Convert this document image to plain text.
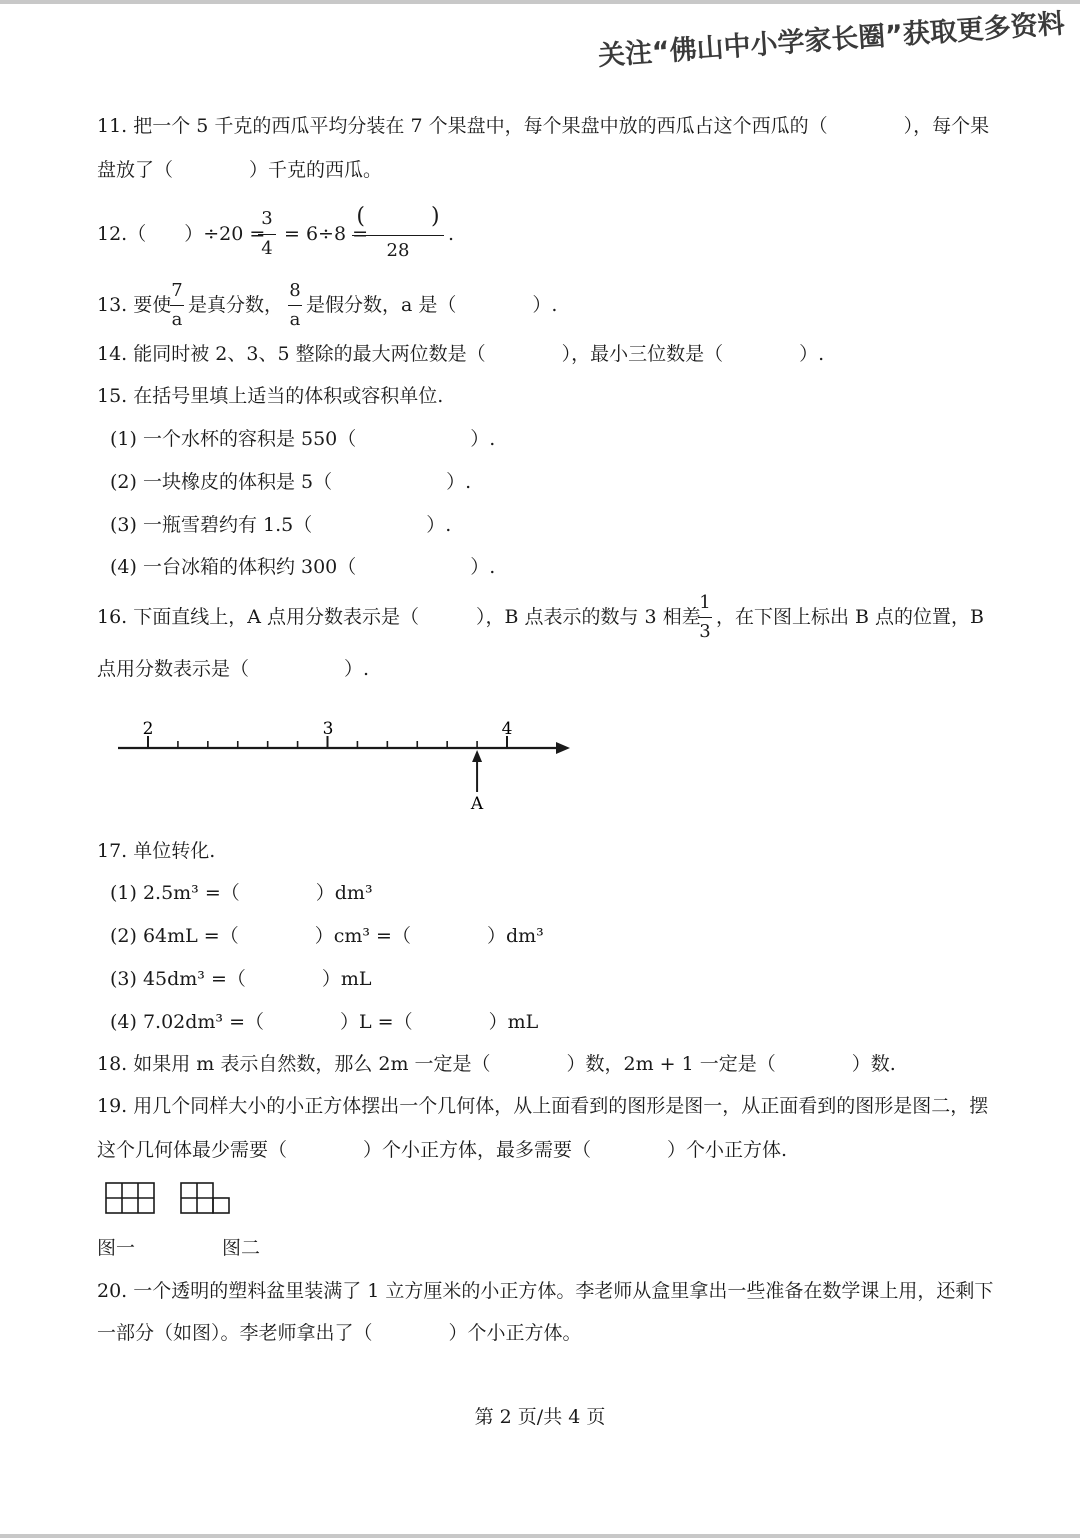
关注“佛山中小学家长圈”获取更多资料
11. 把一个 5 千克的西瓜平均分装在 7 个果盘中，每个果盘中放的西瓜占这个西瓜的（　　　　），每个果
盘放了（　　　　）千克的西瓜。
12.（　　）÷20 =
3
4
= 6÷8 =
(　　　)
28
.
13. 要使
7
a
是真分数，
8
a
是假分数，a 是（　　　　）.
14. 能同时被 2、3、5 整除的最大两位数是（　　　　），最小三位数是（　　　　）.
15. 在括号里填上适当的体积或容积单位.
(1) 一个水杯的容积是 550（　　　　　　）.
(2) 一块橡皮的体积是 5（　　　　　　）.
(3) 一瓶雪碧约有 1.5（　　　　　　）.
(4) 一台冰箱的体积约 300（　　　　　　）.
16. 下面直线上，A 点用分数表示是（　　　），B 点表示的数与 3 相差
1
3
，在下图上标出 B 点的位置，B
点用分数表示是（　　　　　）.
2	3	4
A
17. 单位转化.
(1) 2.5m³ =（　　　　）dm³
(2) 64mL =（　　　　）cm³ =（　　　　）dm³
(3) 45dm³ =（　　　　）mL
(4) 7.02dm³ =（　　　　）L =（　　　　）mL
18. 如果用 m 表示自然数，那么 2m 一定是（　　　　）数，2m + 1 一定是（　　　　）数.
19. 用几个同样大小的小正方体摆出一个几何体，从上面看到的图形是图一，从正面看到的图形是图二，摆
这个几何体最少需要（　　　　）个小正方体，最多需要（　　　　）个小正方体.
图一	图二
20. 一个透明的塑料盆里装满了 1 立方厘米的小正方体。李老师从盒里拿出一些准备在数学课上用，还剩下
一部分（如图）。李老师拿出了（　　　　）个小正方体。
第 2 页/共 4 页
